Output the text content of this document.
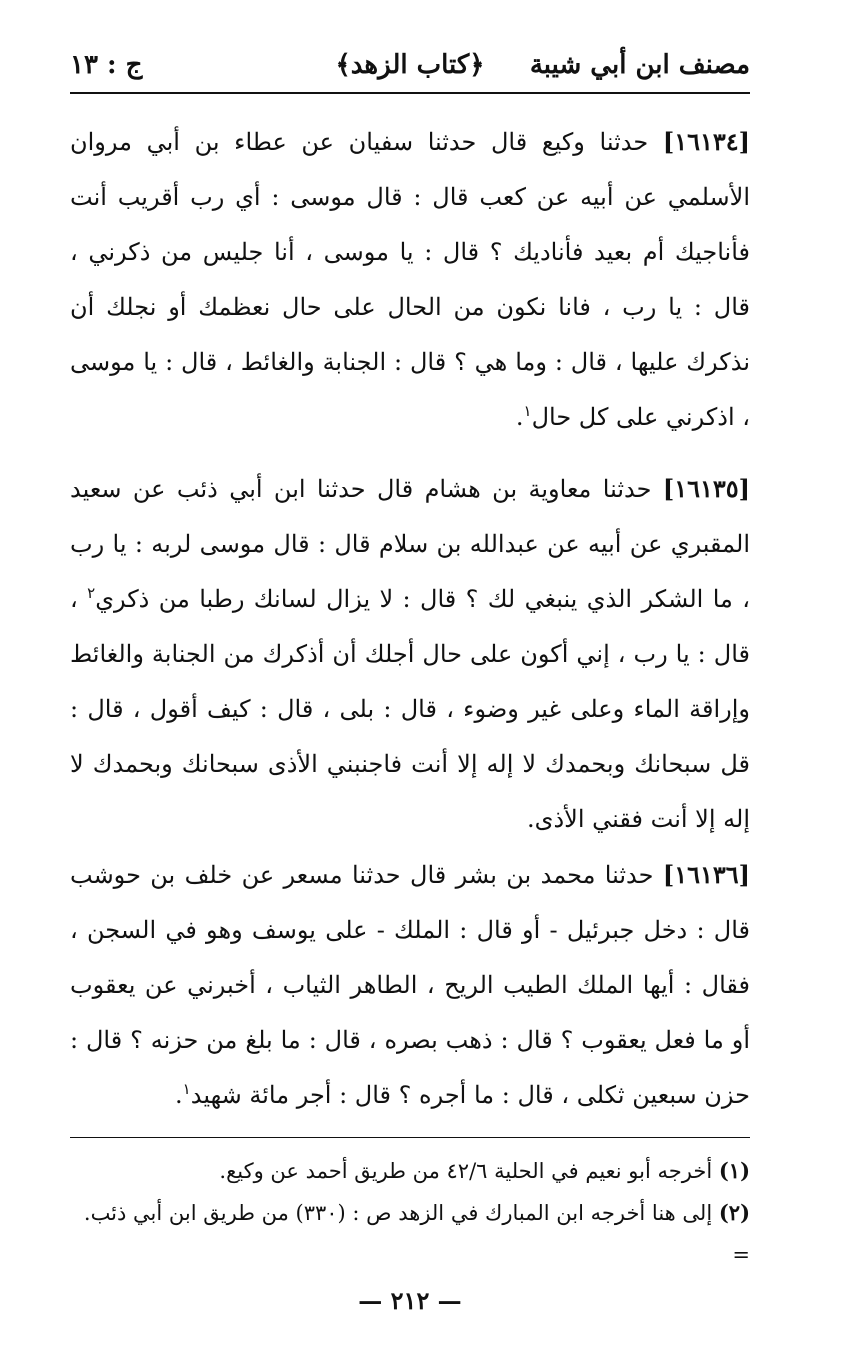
مصنف ابن أبي شيبة
﴿كتاب الزهد﴾
ج : ١٣

[١٦١٣٤] حدثنا وكيع قال حدثنا سفيان عن عطاء بن أبي مروان الأسلمي عن أبيه عن كعب قال : قال موسى : أي رب أقريب أنت فأناجيك أم بعيد فأناديك ؟ قال : يا موسى ، أنا جليس من ذكرني ، قال : يا رب ، فانا نكون من الحال على حال نعظمك أو نجلك أن نذكرك عليها ، قال : وما هي ؟ قال : الجنابة والغائط ، قال : يا موسى ، اذكرني على كل حال$^١$.

[١٦١٣٥] حدثنا معاوية بن هشام قال حدثنا ابن أبي ذئب عن سعيد المقبري عن أبيه عن عبدالله بن سلام قال : قال موسى لربه : يا رب ، ما الشكر الذي ينبغي لك ؟ قال : لا يزال لسانك رطبا من ذكري$^٢$ ، قال : يا رب ، إني أكون على حال أجلك أن أذكرك من الجنابة والغائط وإراقة الماء وعلى غير وضوء ، قال : بلى ، قال : كيف أقول ، قال : قل سبحانك وبحمدك لا إله إلا أنت فاجنبني الأذى سبحانك وبحمدك لا إله إلا أنت فقني الأذى.

[١٦١٣٦] حدثنا محمد بن بشر قال حدثنا مسعر عن خلف بن حوشب قال : دخل جبرئيل - أو قال : الملك - على يوسف وهو في السجن ، فقال : أيها الملك الطيب الريح ، الطاهر الثياب ، أخبرني عن يعقوب أو ما فعل يعقوب ؟ قال : ذهب بصره ، قال : ما بلغ من حزنه ؟ قال : حزن سبعين ثكلى ، قال : ما أجره ؟ قال : أجر مائة شهيد$^١$.

(١) أخرجه أبو نعيم في الحلية ٤٢/٦ من طريق أحمد عن وكيع.

(٢) إلى هنا أخرجه ابن المبارك في الزهد ص : (٣٣٠) من طريق ابن أبي ذئب. =

— ٢١٢ —
